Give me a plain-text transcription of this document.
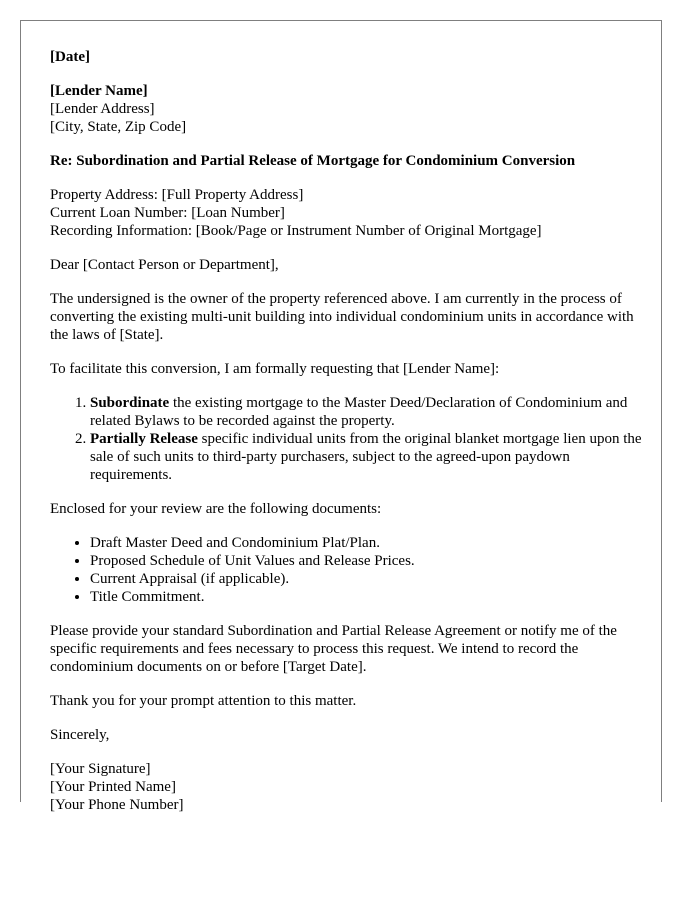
[Date]

[Lender Name]
[Lender Address]
[City, State, Zip Code]

Re: Subordination and Partial Release of Mortgage for Condominium Conversion

Property Address: [Full Property Address]
Current Loan Number: [Loan Number]
Recording Information: [Book/Page or Instrument Number of Original Mortgage]

Dear [Contact Person or Department],

The undersigned is the owner of the property referenced above. I am currently in the process of converting the existing multi-unit building into individual condominium units in accordance with the laws of [State].

To facilitate this conversion, I am formally requesting that [Lender Name]:

1. Subordinate the existing mortgage to the Master Deed/Declaration of Condominium and related Bylaws to be recorded against the property.
2. Partially Release specific individual units from the original blanket mortgage lien upon the sale of such units to third-party purchasers, subject to the agreed-upon paydown requirements.

Enclosed for your review are the following documents:

• Draft Master Deed and Condominium Plat/Plan.
• Proposed Schedule of Unit Values and Release Prices.
• Current Appraisal (if applicable).
• Title Commitment.

Please provide your standard Subordination and Partial Release Agreement or notify me of the specific requirements and fees necessary to process this request. We intend to record the condominium documents on or before [Target Date].

Thank you for your prompt attention to this matter.

Sincerely,

[Your Signature]
[Your Printed Name]
[Your Phone Number]
